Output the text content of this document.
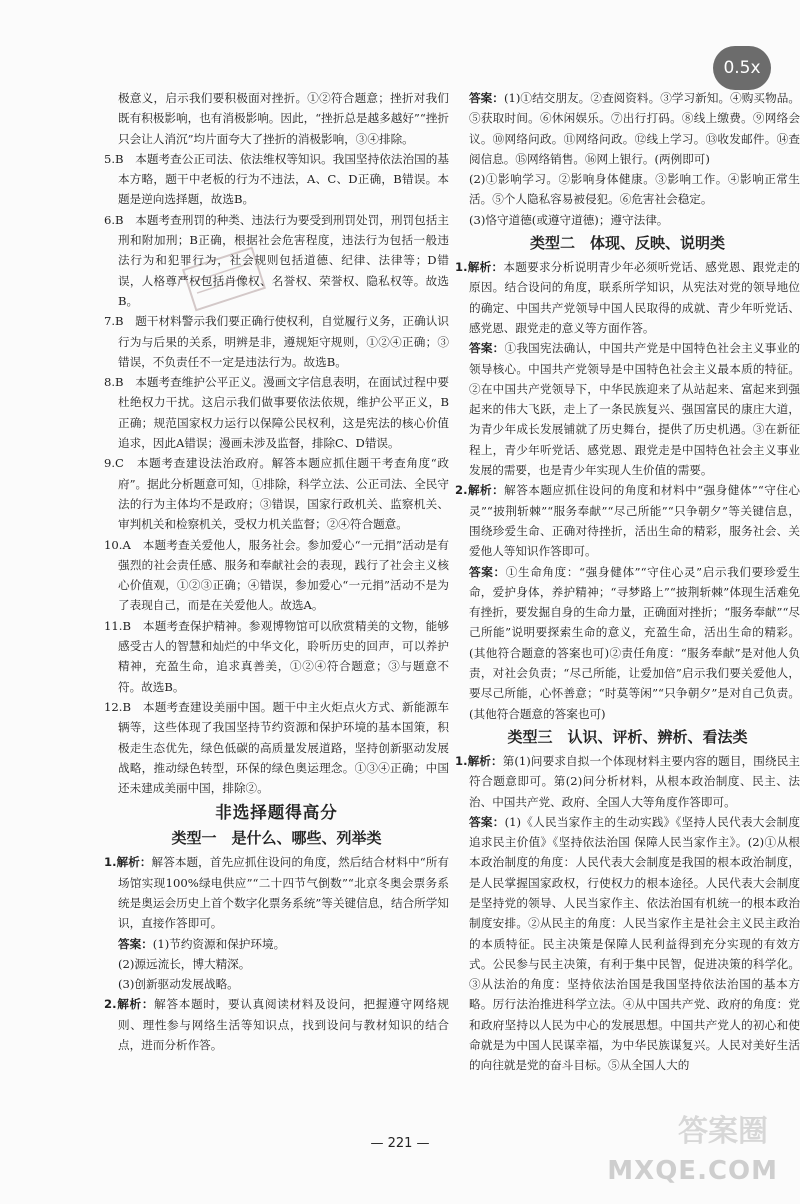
0.5x
极意义，启示我们要积极面对挫折。①②符合题意；挫折对我们既有积极影响，也有消极影响。因此，“挫折总是越多越好”“挫折只会让人消沉”均片面夸大了挫折的消极影响，③④排除。
5.B　本题考查公正司法、依法维权等知识。我国坚持依法治国的基本方略，题干中老板的行为不违法，A、C、D正确，B错误。本题是逆向选择题，故选B。
6.B　本题考查刑罚的种类、违法行为要受到刑罚处罚，刑罚包括主刑和附加刑；B正确，根据社会危害程度，违法行为包括一般违法行为和犯罪行为，社会规则包括道德、纪律、法律等；D错误，人格尊严权包括肖像权、名誉权、荣誉权、隐私权等。故选B。
7.B　题干材料警示我们要正确行使权利，自觉履行义务，正确认识行为与后果的关系，明辨是非，遵规矩守规则，①②④正确；③错误，不负责任不一定是违法行为。故选B。
8.B　本题考查维护公平正义。漫画文字信息表明，在面试过程中要杜绝权力干扰。这启示我们做事要依法依规，维护公平正义，B正确；规范国家权力运行以保障公民权利，这是宪法的核心价值追求，因此A错误；漫画未涉及监督，排除C、D错误。
9.C　本题考查建设法治政府。解答本题应抓住题干考查角度“政府”。据此分析题意可知，①排除，科学立法、公正司法、全民守法的行为主体均不是政府；③错误，国家行政机关、监察机关、审判机关和检察机关，受权力机关监督；②④符合题意。
10.A　本题考查关爱他人，服务社会。参加爱心“一元捐”活动是有强烈的社会责任感、服务和奉献社会的表现，践行了社会主义核心价值观，①②③正确；④错误，参加爱心“一元捐”活动不是为了表现自己，而是在关爱他人。故选A。
11.B　本题考查保护精神。参观博物馆可以欣赏精美的文物，能够感受古人的智慧和灿烂的中华文化，聆听历史的回声，可以养护精神，充盈生命，追求真善美，①②④符合题意；③与题意不符。故选B。
12.B　本题考查建设美丽中国。题干中主火炬点火方式、新能源车辆等，这些体现了我国坚持节约资源和保护环境的基本国策，积极走生态优先，绿色低碳的高质量发展道路，坚持创新驱动发展战略，推动绿色转型，环保的绿色奥运理念。①③④正确；中国还未建成美丽中国，排除②。
非选择题得高分
类型一　是什么、哪些、列举类
1.解析：解答本题，首先应抓住设问的角度，然后结合材料中“所有场馆实现100%绿电供应”“二十四节气倒数”“北京冬奥会票务系统是奥运会历史上首个数字化票务系统”等关键信息，结合所学知识，直接作答即可。
答案：(1)节约资源和保护环境。
(2)源远流长，博大精深。
(3)创新驱动发展战略。
2.解析：解答本题时，要认真阅读材料及设问，把握遵守网络规则、理性参与网络生活等知识点，找到设问与教材知识的结合点，进而分析作答。
答案：(1)①结交朋友。②查阅资料。③学习新知。④购买物品。⑤获取时间。⑥休闲娱乐。⑦出行打码。⑧线上缴费。⑨网络会议。⑩网络问政。⑪网络问政。⑫线上学习。⑬收发邮件。⑭查阅信息。⑮网络销售。⑯网上银行。(两例即可)
(2)①影响学习。②影响身体健康。③影响工作。④影响正常生活。⑤个人隐私容易被侵犯。⑥危害社会稳定。
(3)恪守道德(或遵守道德)；遵守法律。
类型二　体现、反映、说明类
1.解析：本题要求分析说明青少年必须听党话、感党恩、跟党走的原因。结合设问的角度，联系所学知识，从宪法对党的领导地位的确定、中国共产党领导中国人民取得的成就、青少年听党话、感党恩、跟党走的意义等方面作答。
答案：①我国宪法确认，中国共产党是中国特色社会主义事业的领导核心。中国共产党领导是中国特色社会主义最本质的特征。②在中国共产党领导下，中华民族迎来了从站起来、富起来到强起来的伟大飞跃，走上了一条民族复兴、强国富民的康庄大道，为青少年成长发展铺就了历史舞台，提供了历史机遇。③在新征程上，青少年听党话、感党恩、跟党走是中国特色社会主义事业发展的需要，也是青少年实现人生价值的需要。
2.解析：解答本题应抓住设问的角度和材料中“强身健体”“守住心灵”“披荆斩棘”“服务奉献”“尽己所能”“只争朝夕”等关键信息，围绕珍爱生命、正确对待挫折，活出生命的精彩，服务社会、关爱他人等知识作答即可。
答案：①生命角度：“强身健体”“守住心灵”启示我们要珍爱生命，爱护身体，养护精神；“寻梦路上”“披荆斩棘”体现生活难免有挫折，要发掘自身的生命力量，正确面对挫折；“服务奉献”“尽己所能”说明要探索生命的意义，充盈生命，活出生命的精彩。(其他符合题意的答案也可)②责任角度：“服务奉献”是对他人负责，对社会负责；“尽己所能，让爱加倍”启示我们要关爱他人，要尽己所能，心怀善意；“时莫等闲”“只争朝夕”是对自己负责。(其他符合题意的答案也可)
类型三　认识、评析、辨析、看法类
1.解析：第(1)问要求自拟一个体现材料主要内容的题目，围绕民主符合题意即可。第(2)问分析材料，从根本政治制度、民主、法治、中国共产党、政府、全国人大等角度作答即可。
答案：(1)《人民当家作主的生动实践》《坚持人民代表大会制度 追求民主价值》《坚持依法治国 保障人民当家作主》。(2)①从根本政治制度的角度：人民代表大会制度是我国的根本政治制度，是人民掌握国家政权，行使权力的根本途径。人民代表大会制度是坚持党的领导、人民当家作主、依法治国有机统一的根本政治制度安排。②从民主的角度：人民当家作主是社会主义民主政治的本质特征。民主决策是保障人民利益得到充分实现的有效方式。公民参与民主决策，有利于集中民智，促进决策的科学化。③从法治的角度：坚持依法治国是我国坚持依法治国的基本方略。厉行法治推进科学立法。④从中国共产党、政府的角度：党和政府坚持以人民为中心的发展思想。中国共产党人的初心和使命就是为中国人民谋幸福，为中华民族谋复兴。人民对美好生活的向往就是党的奋斗目标。⑤从全国人大的
— 221 —	答案圈
MXQE.COM
